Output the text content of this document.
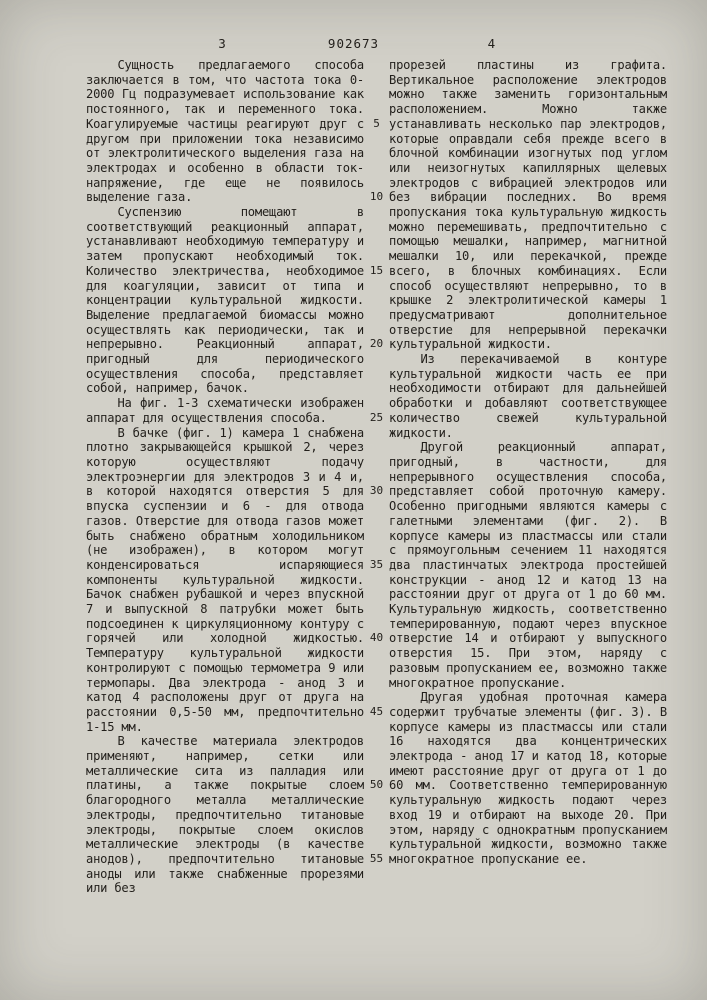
3	902673	4

Сущность предлагаемого способа заключается в том, что частота тока 0-2000 Гц подразумевает использование как постоянного, так и переменного тока. Коагулируемые частицы реагируют друг с другом при приложении тока независимо от электролитического выделения газа на электродах и особенно в области ток-напряжение, где еще не появилось выделение газа.

Суспензию помещают в соответствующий реакционный аппарат, устанавливают необходимую температуру и затем пропускают необходимый ток. Количество электричества, необходимое для коагуляции, зависит от типа и концентрации культуральной жидкости. Выделение предлагаемой биомассы можно осуществлять как периодически, так и непрерывно. Реакционный аппарат, пригодный для периодического осуществления способа, представляет собой, например, бачок.

На фиг. 1-3 схематически изображен аппарат для осуществления способа.

В бачке (фиг. 1) камера 1 снабжена плотно закрывающейся крышкой 2, через которую осуществляют подачу электроэнергии для электродов 3 и 4 и, в которой находятся отверстия 5 для впуска суспензии и 6 - для отвода газов. Отверстие для отвода газов может быть снабжено обратным холодильником (не изображен), в котором могут конденсироваться испаряющиеся компоненты культуральной жидкости. Бачок снабжен рубашкой и через впускной 7 и выпускной 8 патрубки может быть подсоединен к циркуляционному контуру с горячей или холодной жидкостью. Температуру культуральной жидкости контролируют с помощью термометра 9 или термопары. Два электрода - анод 3 и катод 4 расположены друг от друга на расстоянии 0,5-50 мм, предпочтительно 1-15 мм.

В качестве материала электродов применяют, например, сетки или металлические сита из палладия или платины, а также покрытые слоем благородного металла металлические электроды, предпочтительно титановые электроды, покрытые слоем окислов металлические электроды (в качестве анодов), предпочтительно титановые аноды или также снабженные прорезями или без

5
10
15
20
25
30
35
40
45
50
55

прорезей пластины из графита. Вертикальное расположение электродов можно также заменить горизонтальным расположением. Можно также устанавливать несколько пар электродов, которые оправдали себя прежде всего в блочной комбинации изогнутых под углом или неизогнутых капиллярных щелевых электродов с вибрацией электродов или без вибрации последних. Во время пропускания тока культуральную жидкость можно перемешивать, предпочтительно с помощью мешалки, например, магнитной мешалки 10, или перекачкой, прежде всего, в блочных комбинациях. Если способ осуществляют непрерывно, то в крышке 2 электролитической камеры 1 предусматривают дополнительное отверстие для непрерывной перекачки культуральной жидкости.

Из перекачиваемой в контуре культуральной жидкости часть ее при необходимости отбирают для дальнейшей обработки и добавляют соответствующее количество свежей культуральной жидкости.

Другой реакционный аппарат, пригодный, в частности, для непрерывного осуществления способа, представляет собой проточную камеру. Особенно пригодными являются камеры с галетными элементами (фиг. 2). В корпусе камеры из пластмассы или стали с прямоугольным сечением 11 находятся два пластинчатых электрода простейшей конструкции - анод 12 и катод 13 на расстоянии друг от друга от 1 до 60 мм. Культуральную жидкость, соответственно темперированную, подают через впускное отверстие 14 и отбирают у выпускного отверстия 15. При этом, наряду с разовым пропусканием ее, возможно также многократное пропускание.

Другая удобная проточная камера содержит трубчатые элементы (фиг. 3). В корпусе камеры из пластмассы или стали 16 находятся два концентрических электрода - анод 17 и катод 18, которые имеют расстояние друг от друга от 1 до 60 мм. Соответственно темперированную культуральную жидкость подают через вход 19 и отбирают на выходе 20. При этом, наряду с однократным пропусканием культуральной жидкости, возможно также многократное пропускание ее.
